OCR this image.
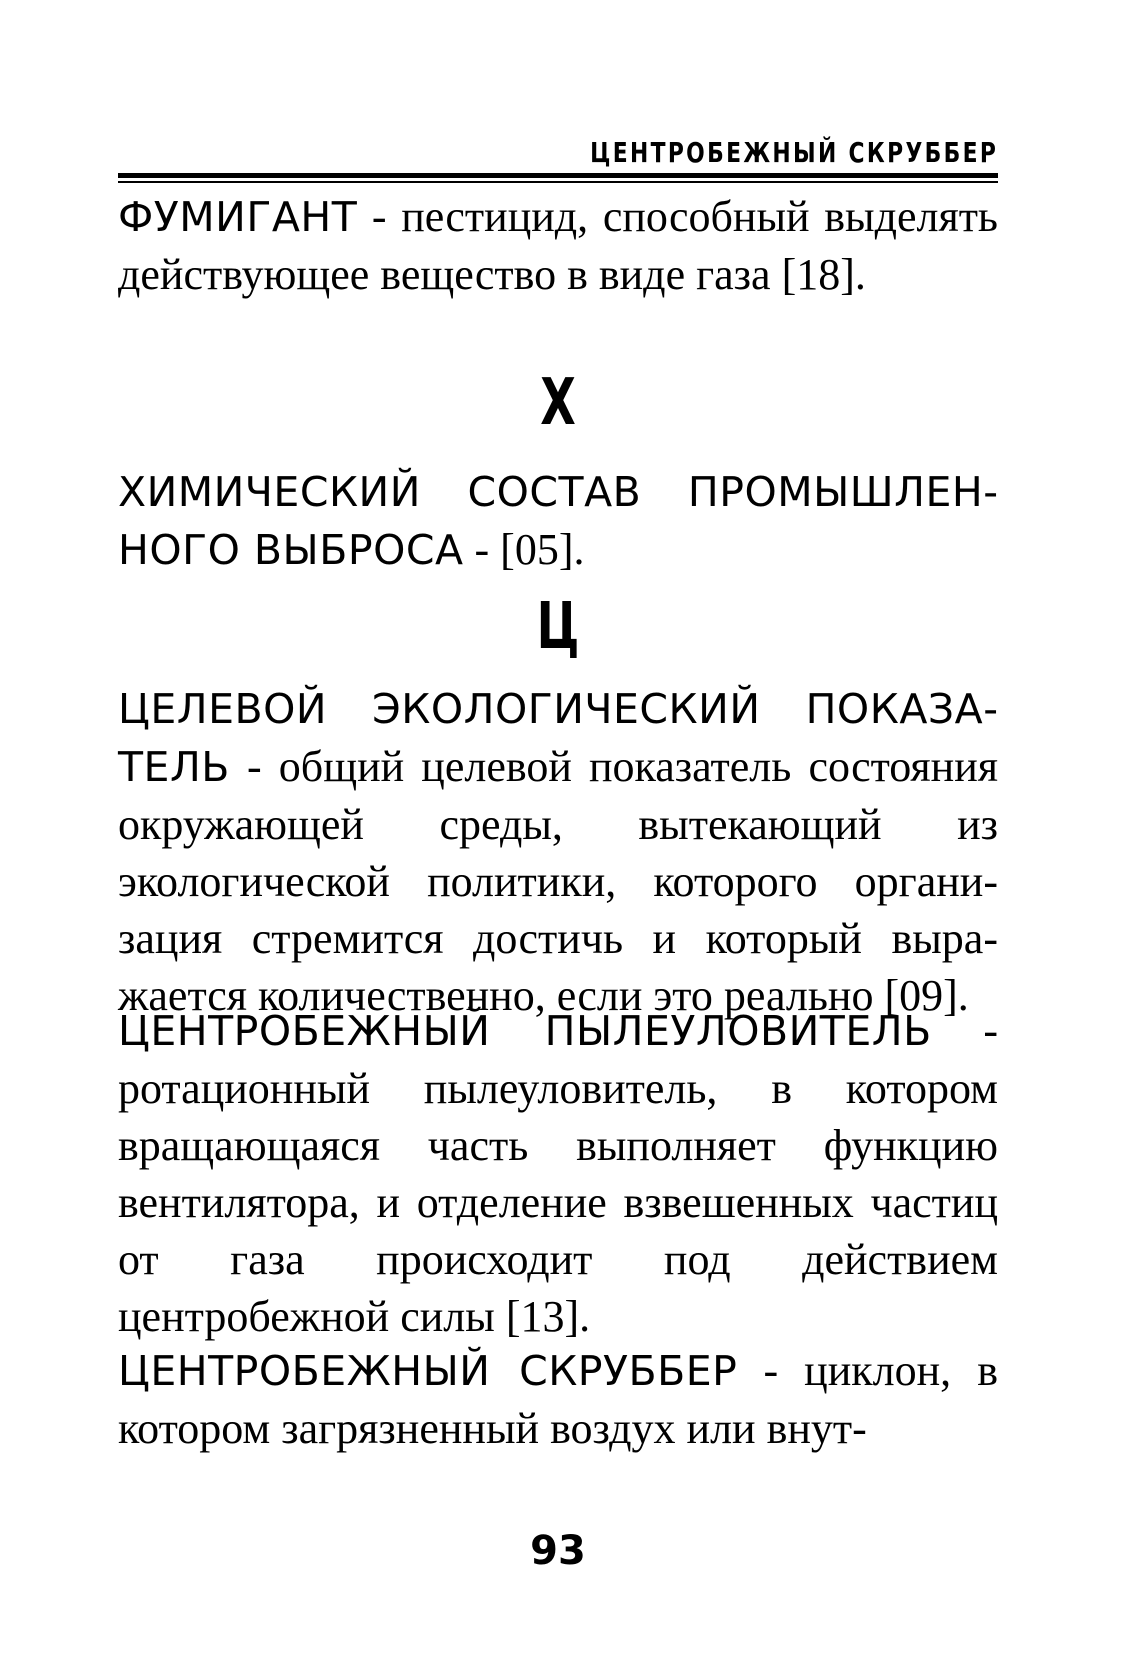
ЦЕНТРОБЕЖНЫЙ СКРУББЕР
ФУМИГАНТ - пестицид, способный выделять действующее вещество в виде газа [18].
Х
ХИМИЧЕСКИЙ СОСТАВ ПРОМЫШЛЕННОГО ВЫБРОСА - [05].
Ц
ЦЕЛЕВОЙ ЭКОЛОГИЧЕСКИЙ ПОКАЗАТЕЛЬ - общий целевой показатель состояния окружающей среды, вытекающий из экологической политики, которого организация стремится достичь и который выражается количественно, если это реально [09].
ЦЕНТРОБЕЖНЫЙ ПЫЛЕУЛОВИТЕЛЬ - ротационный пылеуловитель, в котором вращающаяся часть выполняет функцию вентилятора, и отделение взвешенных частиц от газа происходит под действием центробежной силы [13].
ЦЕНТРОБЕЖНЫЙ СКРУББЕР - циклон, в котором загрязненный воздух или внут-
93
